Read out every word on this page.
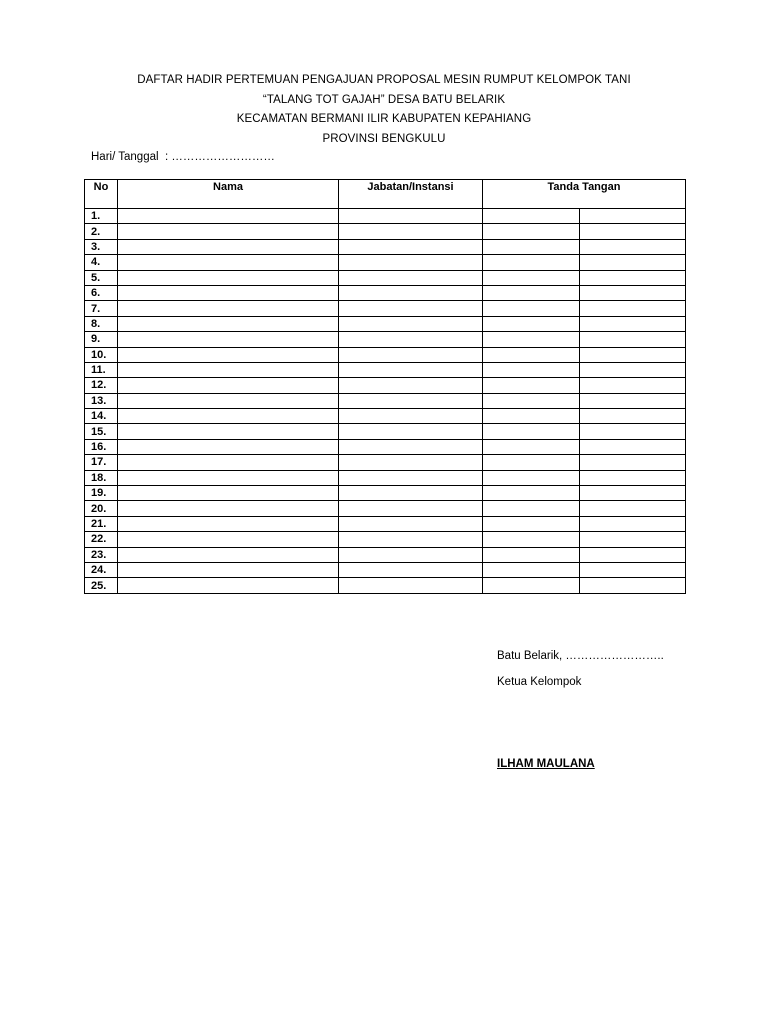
DAFTAR HADIR PERTEMUAN PENGAJUAN PROPOSAL MESIN RUMPUT KELOMPOK TANI
“TALANG TOT GAJAH” DESA BATU BELARIK
KECAMATAN BERMANI ILIR KABUPATEN KEPAHIANG
PROVINSI BENGKULU
Hari/ Tanggal : ………………………
No	Nama	Jabatan/Instansi	Tanda Tangan	
1.				
2.				
3.				
4.				
5.				
6.				
7.				
8.				
9.				
10.				
11.				
12.				
13.				
14.				
15.				
16.				
17.				
18.				
19.				
20.				
21.				
22.				
23.				
24.				
25.				
Batu Belarik, ……………………..
Ketua Kelompok
ILHAM MAULANA
